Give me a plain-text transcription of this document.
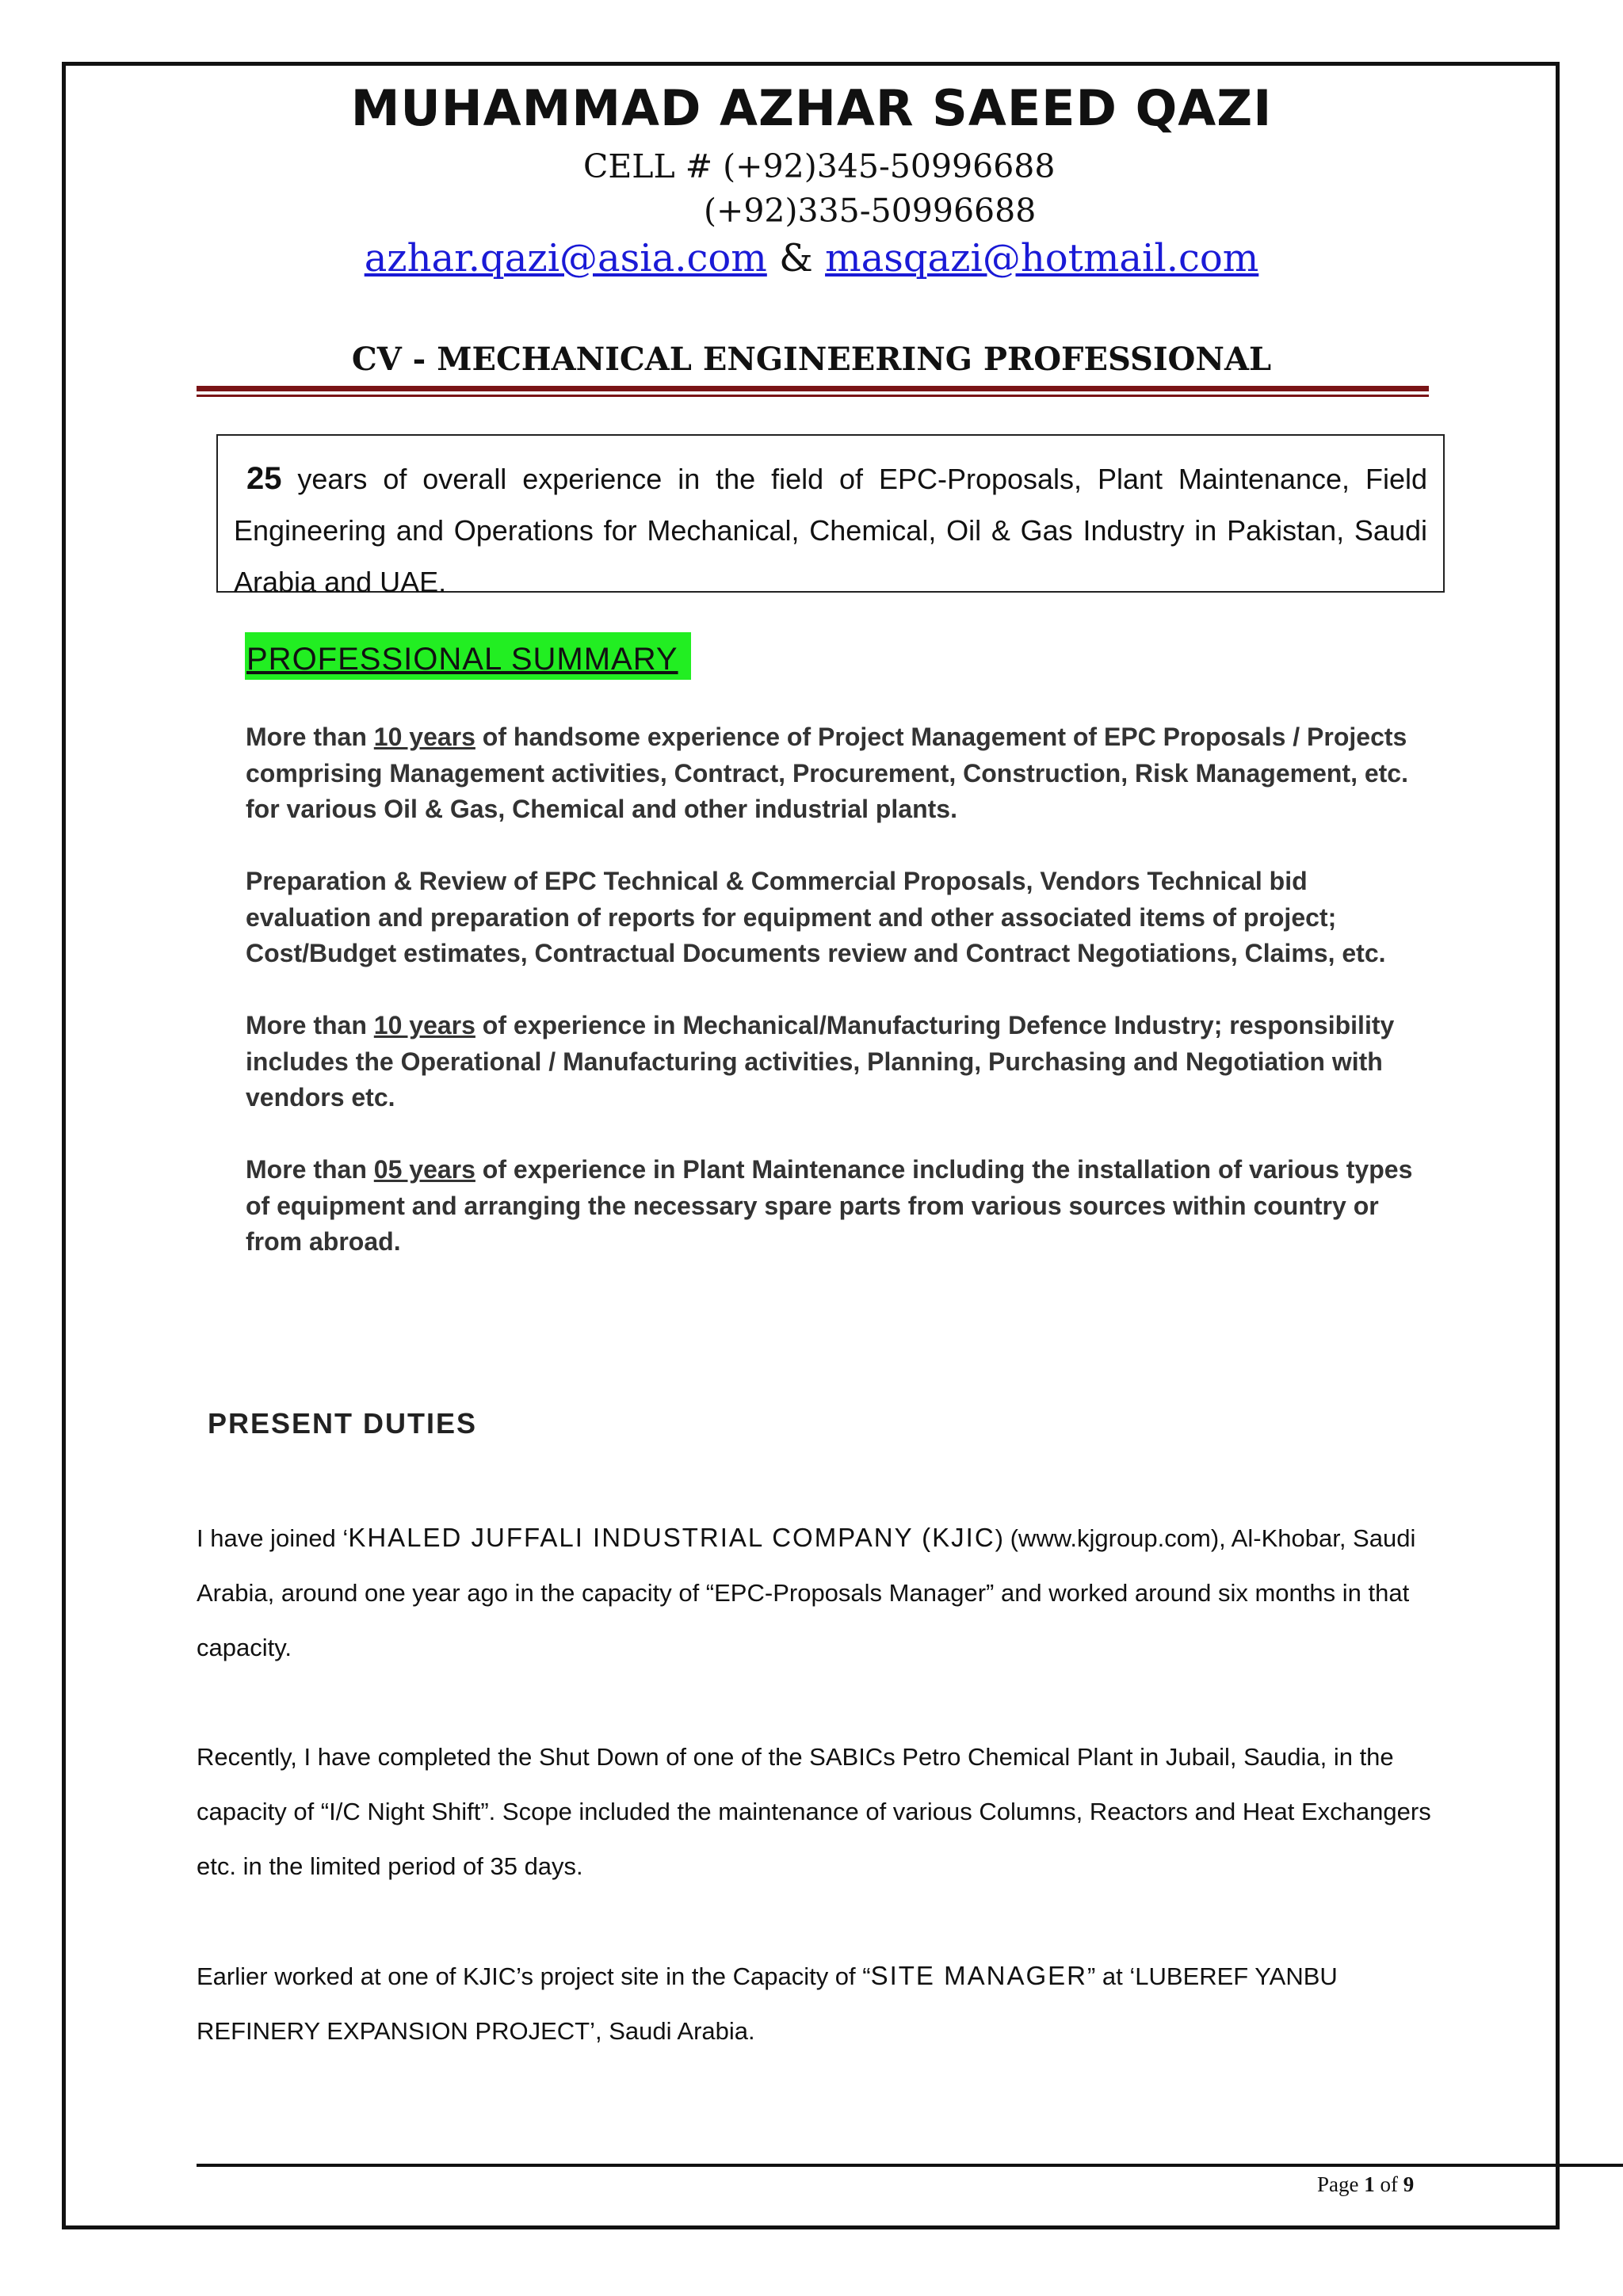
MUHAMMAD AZHAR SAEED QAZI
CELL # (+92)345-50996688
(+92)335-50996688
azhar.qazi@asia.com & masqazi@hotmail.com
CV - MECHANICAL ENGINEERING PROFESSIONAL
25 years of overall experience in the field of EPC-Proposals, Plant Maintenance, Field Engineering and Operations for Mechanical, Chemical, Oil & Gas Industry in Pakistan, Saudi Arabia and UAE.
PROFESSIONAL SUMMARY

More than 10 years of handsome experience of Project Management of EPC Proposals / Projects comprising Management activities, Contract, Procurement, Construction, Risk Management, etc. for various Oil & Gas, Chemical and other industrial plants.

Preparation & Review of EPC Technical & Commercial Proposals, Vendors Technical bid evaluation and preparation of reports for equipment and other associated items of project; Cost/Budget estimates, Contractual Documents review and Contract Negotiations, Claims, etc.

More than 10 years of experience in Mechanical/Manufacturing Defence Industry; responsibility includes the Operational / Manufacturing activities, Planning, Purchasing and Negotiation with vendors etc.

More than 05 years of experience in Plant Maintenance including the installation of various types of equipment and arranging the necessary spare parts from various sources within country or from abroad.

PRESENT DUTIES

I have joined ‘KHALED JUFFALI INDUSTRIAL COMPANY (KJIC) (www.kjgroup.com), Al-Khobar, Saudi Arabia, around one year ago in the capacity of “EPC-Proposals Manager” and worked around six months in that capacity.

Recently, I have completed the Shut Down of one of the SABICs Petro Chemical Plant in Jubail, Saudia, in the capacity of “I/C Night Shift”. Scope included the maintenance of various Columns, Reactors and Heat Exchangers etc. in the limited period of 35 days.

Earlier worked at one of KJIC’s project site in the Capacity of “SITE MANAGER” at ‘LUBEREF YANBU REFINERY EXPANSION PROJECT’, Saudi Arabia.

Page 1 of 9
